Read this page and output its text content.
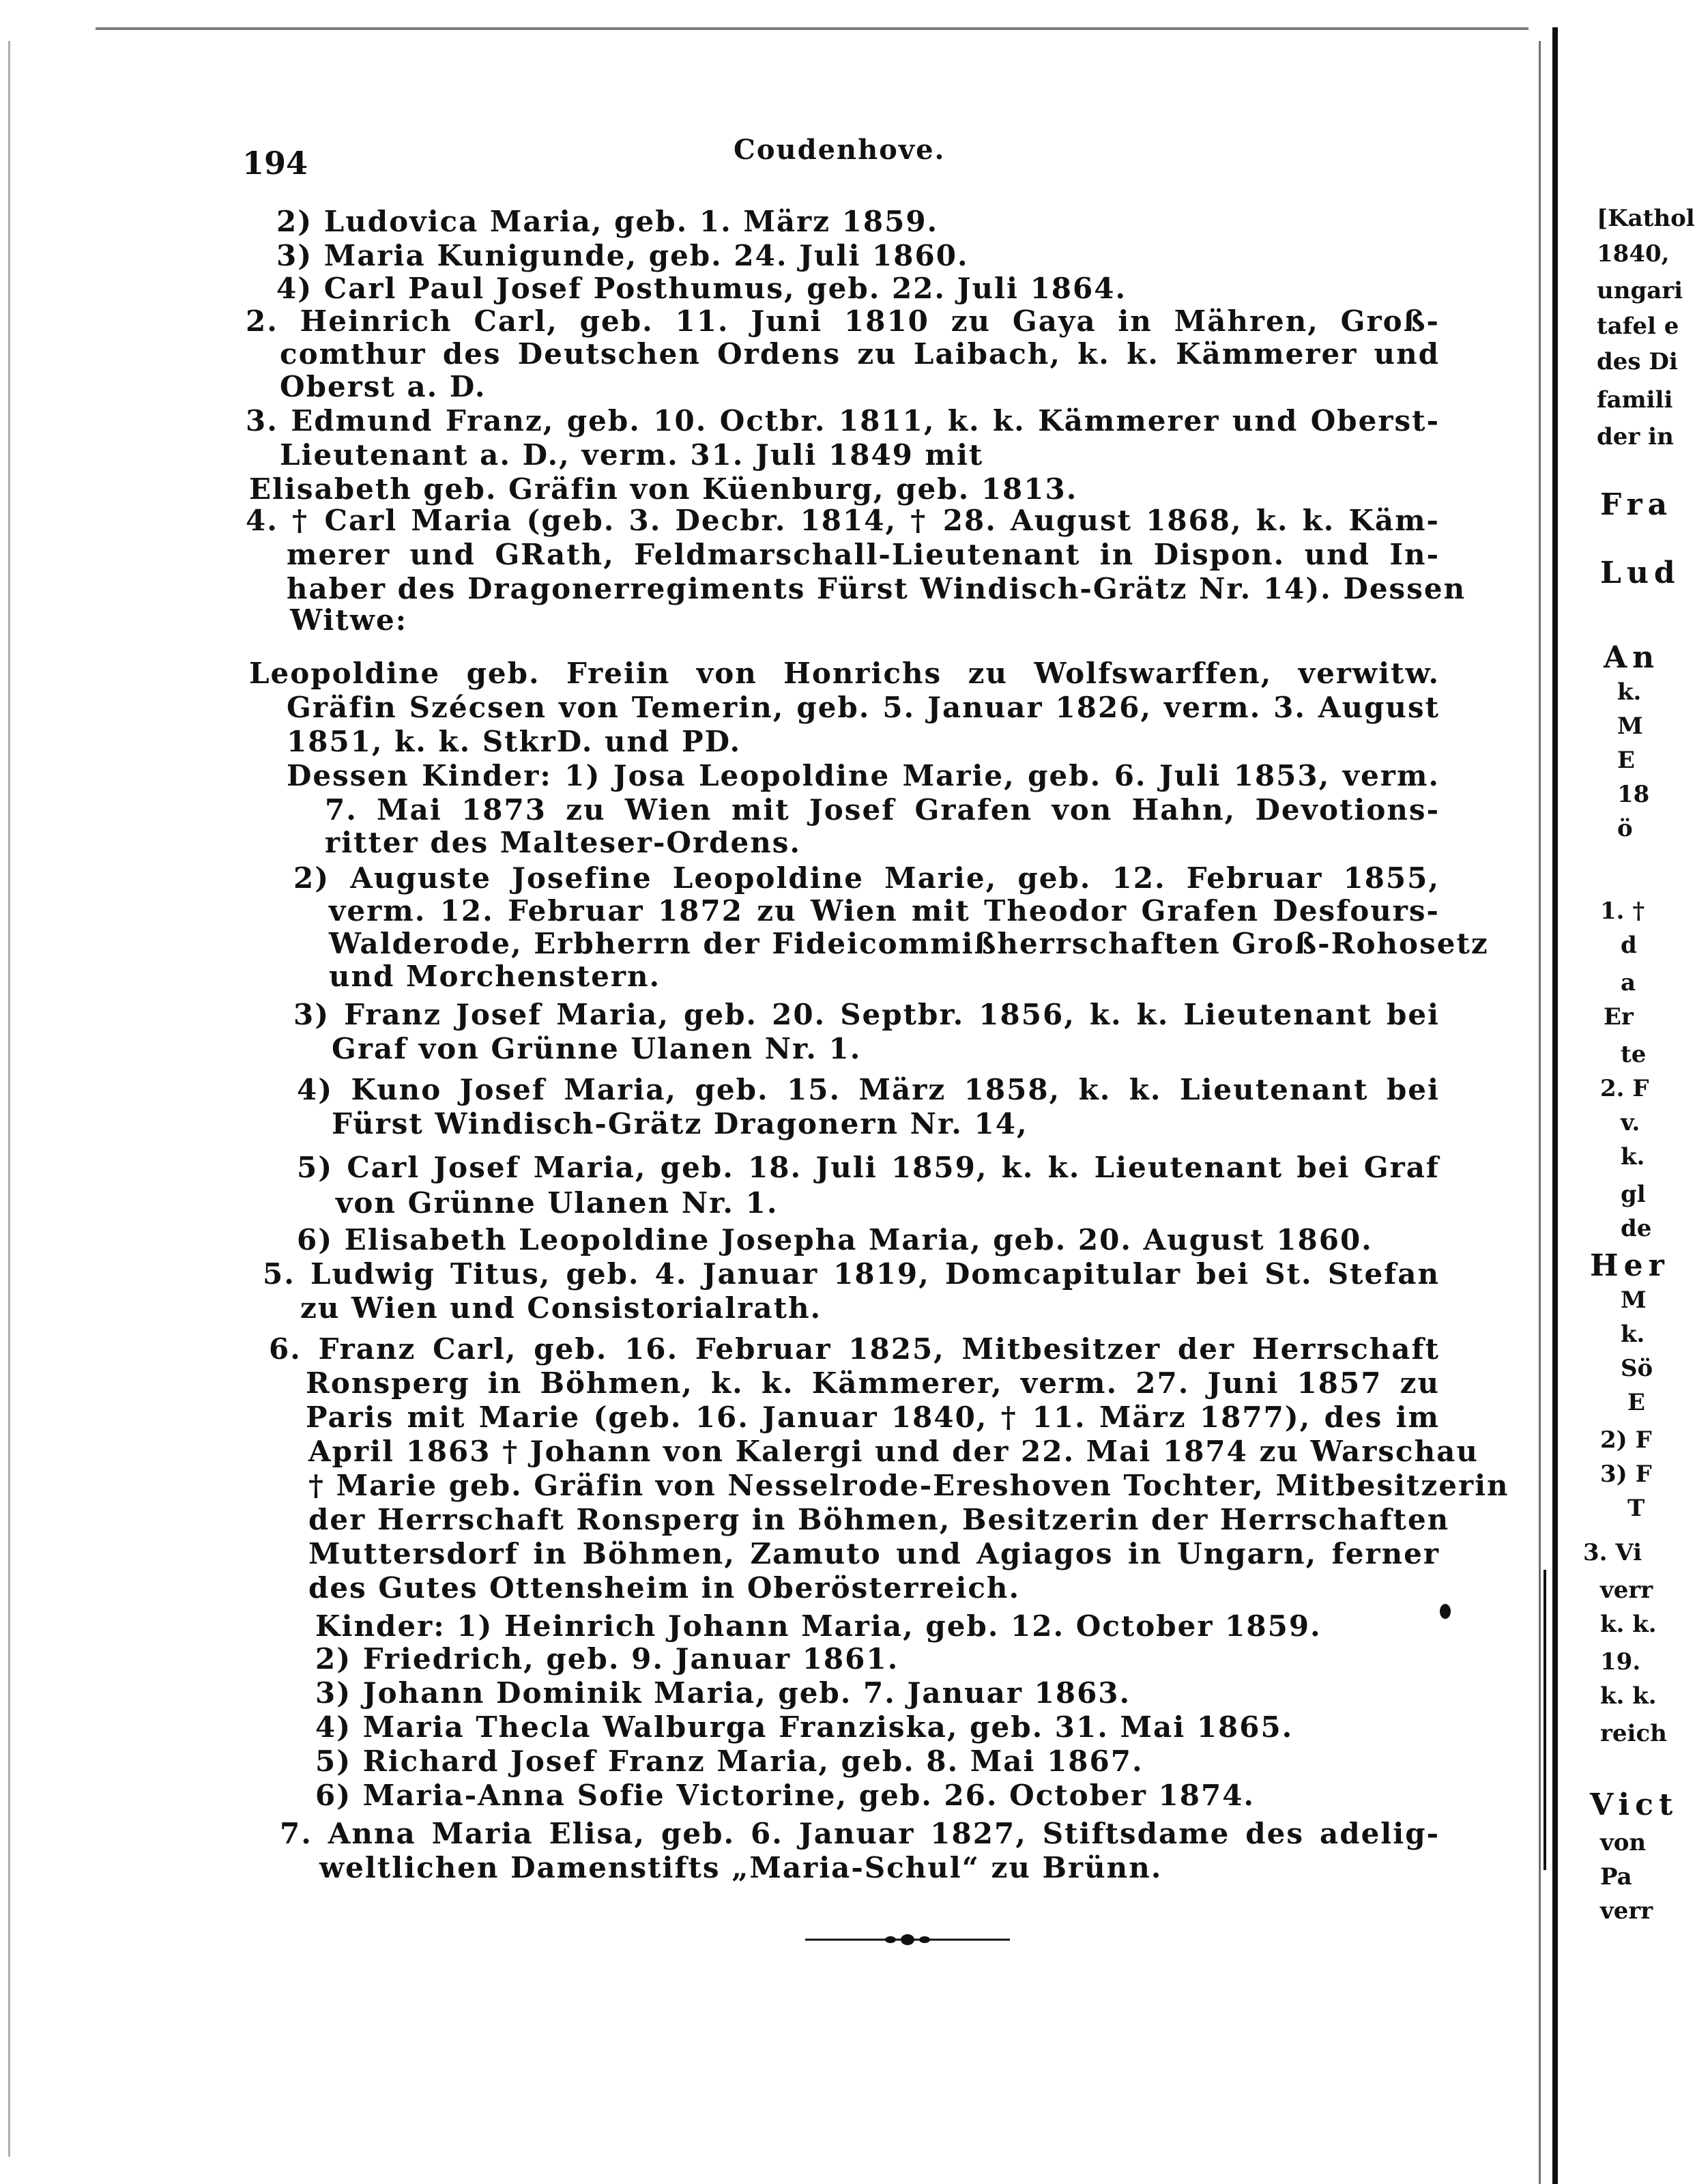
194	Coudenhove.
2) Ludovica Maria, geb. 1. März 1859.
3) Maria Kunigunde, geb. 24. Juli 1860.
4) Carl Paul Josef Posthumus, geb. 22. Juli 1864.
2. Heinrich Carl, geb. 11. Juni 1810 zu Gaya in Mähren, Groß-
comthur des Deutschen Ordens zu Laibach, k. k. Kämmerer und
Oberst a. D.
3. Edmund Franz, geb. 10. Octbr. 1811, k. k. Kämmerer und Oberst-
Lieutenant a. D., verm. 31. Juli 1849 mit
Elisabeth geb. Gräfin von Küenburg, geb. 1813.
4. † Carl Maria (geb. 3. Decbr. 1814, † 28. August 1868, k. k. Käm-
merer und GRath, Feldmarschall-Lieutenant in Dispon. und In-
haber des Dragonerregiments Fürst Windisch-Grätz Nr. 14). Dessen
Witwe:
Leopoldine geb. Freiin von Honrichs zu Wolfswarffen, verwitw.
Gräfin Szécsen von Temerin, geb. 5. Januar 1826, verm. 3. August
1851, k. k. StkrD. und PD.
Dessen Kinder: 1) Josa Leopoldine Marie, geb. 6. Juli 1853, verm.
7. Mai 1873 zu Wien mit Josef Grafen von Hahn, Devotions-
ritter des Malteser-Ordens.
2) Auguste Josefine Leopoldine Marie, geb. 12. Februar 1855,
verm. 12. Februar 1872 zu Wien mit Theodor Grafen Desfours-
Walderode, Erbherrn der Fideicommißherrschaften Groß-Rohosetz
und Morchenstern.
3) Franz Josef Maria, geb. 20. Septbr. 1856, k. k. Lieutenant bei
Graf von Grünne Ulanen Nr. 1.
4) Kuno Josef Maria, geb. 15. März 1858, k. k. Lieutenant bei
Fürst Windisch-Grätz Dragonern Nr. 14,
5) Carl Josef Maria, geb. 18. Juli 1859, k. k. Lieutenant bei Graf
von Grünne Ulanen Nr. 1.
6) Elisabeth Leopoldine Josepha Maria, geb. 20. August 1860.
5. Ludwig Titus, geb. 4. Januar 1819, Domcapitular bei St. Stefan
zu Wien und Consistorialrath.
6. Franz Carl, geb. 16. Februar 1825, Mitbesitzer der Herrschaft
Ronsperg in Böhmen, k. k. Kämmerer, verm. 27. Juni 1857 zu
Paris mit Marie (geb. 16. Januar 1840, † 11. März 1877), des im
April 1863 † Johann von Kalergi und der 22. Mai 1874 zu Warschau
† Marie geb. Gräfin von Nesselrode-Ereshoven Tochter, Mitbesitzerin
der Herrschaft Ronsperg in Böhmen, Besitzerin der Herrschaften
Muttersdorf in Böhmen, Zamuto und Agiagos in Ungarn, ferner
des Gutes Ottensheim in Oberösterreich.
Kinder: 1) Heinrich Johann Maria, geb. 12. October 1859.
2) Friedrich, geb. 9. Januar 1861.
3) Johann Dominik Maria, geb. 7. Januar 1863.
4) Maria Thecla Walburga Franziska, geb. 31. Mai 1865.
5) Richard Josef Franz Maria, geb. 8. Mai 1867.
6) Maria-Anna Sofie Victorine, geb. 26. October 1874.
7. Anna Maria Elisa, geb. 6. Januar 1827, Stiftsdame des adelig-
weltlichen Damenstifts „Maria-Schul“ zu Brünn.
[Kathol
1840,
ungari
tafel e
des Di
famili
der in
Fra
Lud
An
k.
M
E
18
ö
1. †
d
a
Er
te
2. F
v.
k.
gl
de
Her
M
k.
Sö
E
2) F
3) F
T
3. Vi
verr
k. k.
19.
k. k.
reich
Vict
von
Pa
verr
